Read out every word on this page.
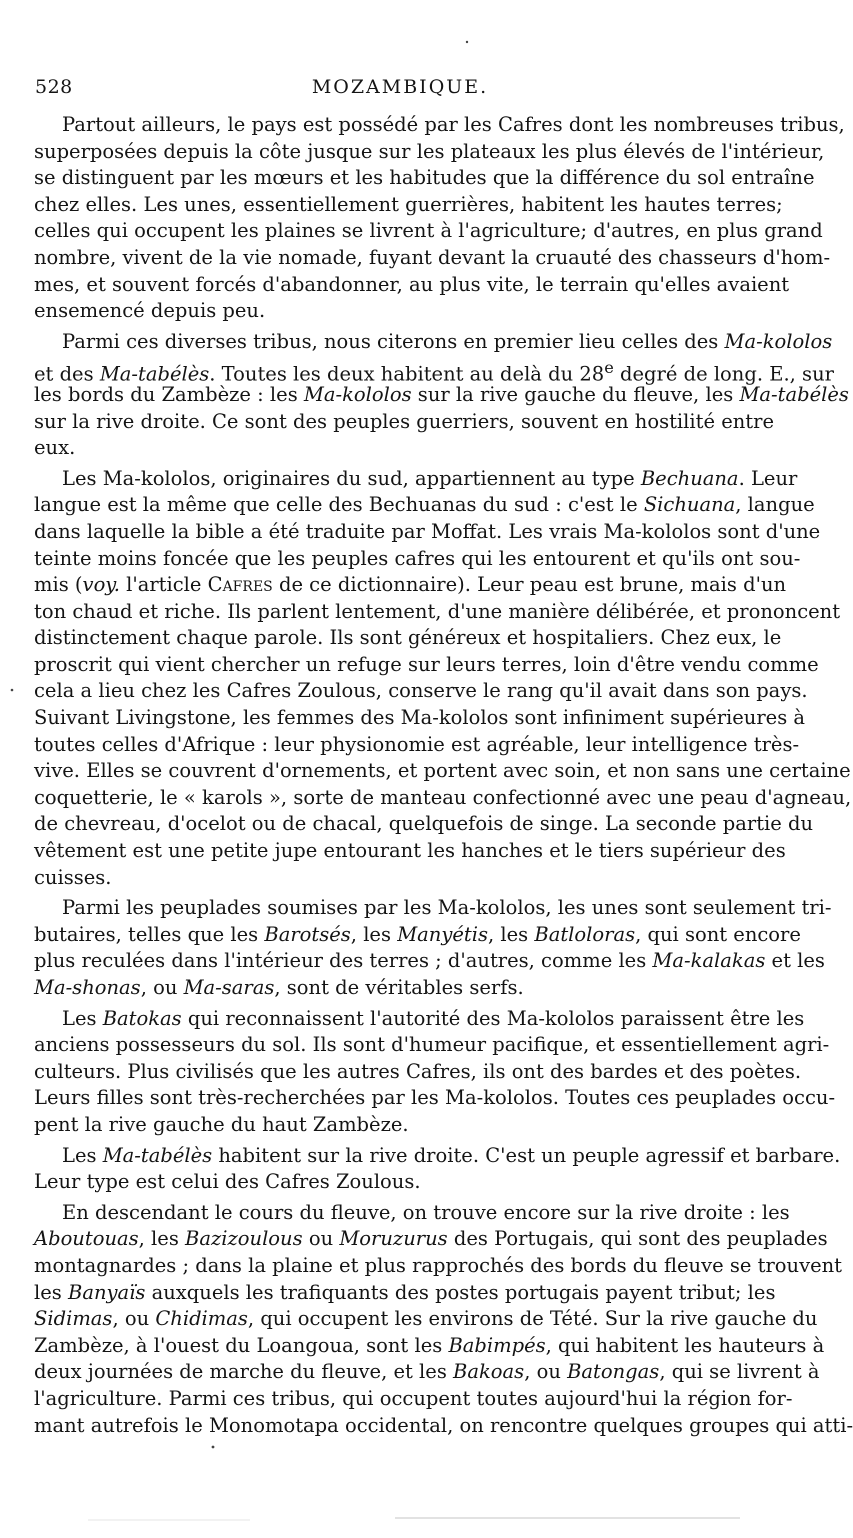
528	MOZAMBIQUE.
Partout ailleurs, le pays est possédé par les Cafres dont les nombreuses tribus,
superposées depuis la côte jusque sur les plateaux les plus élevés de l'intérieur,
se distinguent par les mœurs et les habitudes que la différence du sol entraîne
chez elles. Les unes, essentiellement guerrières, habitent les hautes terres;
celles qui occupent les plaines se livrent à l'agriculture; d'autres, en plus grand
nombre, vivent de la vie nomade, fuyant devant la cruauté des chasseurs d'hom-
mes, et souvent forcés d'abandonner, au plus vite, le terrain qu'elles avaient
ensemencé depuis peu.
Parmi ces diverses tribus, nous citerons en premier lieu celles des Ma-kololos
et des Ma-tabélès. Toutes les deux habitent au delà du 28e degré de long. E., sur
les bords du Zambèze : les Ma-kololos sur la rive gauche du fleuve, les Ma-tabélès
sur la rive droite. Ce sont des peuples guerriers, souvent en hostilité entre
eux.
Les Ma-kololos, originaires du sud, appartiennent au type Bechuana. Leur
langue est la même que celle des Bechuanas du sud : c'est le Sichuana, langue
dans laquelle la bible a été traduite par Moffat. Les vrais Ma-kololos sont d'une
teinte moins foncée que les peuples cafres qui les entourent et qu'ils ont sou-
mis (voy. l'article Cafres de ce dictionnaire). Leur peau est brune, mais d'un
ton chaud et riche. Ils parlent lentement, d'une manière délibérée, et prononcent
distinctement chaque parole. Ils sont généreux et hospitaliers. Chez eux, le
proscrit qui vient chercher un refuge sur leurs terres, loin d'être vendu comme
cela a lieu chez les Cafres Zoulous, conserve le rang qu'il avait dans son pays.
Suivant Livingstone, les femmes des Ma-kololos sont infiniment supérieures à
toutes celles d'Afrique : leur physionomie est agréable, leur intelligence très-
vive. Elles se couvrent d'ornements, et portent avec soin, et non sans une certaine
coquetterie, le « karols », sorte de manteau confectionné avec une peau d'agneau,
de chevreau, d'ocelot ou de chacal, quelquefois de singe. La seconde partie du
vêtement est une petite jupe entourant les hanches et le tiers supérieur des
cuisses.
Parmi les peuplades soumises par les Ma-kololos, les unes sont seulement tri-
butaires, telles que les Barotsés, les Manyétis, les Batloloras, qui sont encore
plus reculées dans l'intérieur des terres ; d'autres, comme les Ma-kalakas et les
Ma-shonas, ou Ma-saras, sont de véritables serfs.
Les Batokas qui reconnaissent l'autorité des Ma-kololos paraissent être les
anciens possesseurs du sol. Ils sont d'humeur pacifique, et essentiellement agri-
culteurs. Plus civilisés que les autres Cafres, ils ont des bardes et des poètes.
Leurs filles sont très-recherchées par les Ma-kololos. Toutes ces peuplades occu-
pent la rive gauche du haut Zambèze.
Les Ma-tabélès habitent sur la rive droite. C'est un peuple agressif et barbare.
Leur type est celui des Cafres Zoulous.
En descendant le cours du fleuve, on trouve encore sur la rive droite : les
Aboutouas, les Bazizoulous ou Moruzurus des Portugais, qui sont des peuplades
montagnardes ; dans la plaine et plus rapprochés des bords du fleuve se trouvent
les Banyaïs auxquels les trafiquants des postes portugais payent tribut; les
Sidimas, ou Chidimas, qui occupent les environs de Tété. Sur la rive gauche du
Zambèze, à l'ouest du Loangoua, sont les Babimpés, qui habitent les hauteurs à
deux journées de marche du fleuve, et les Bakoas, ou Batongas, qui se livrent à
l'agriculture. Parmi ces tribus, qui occupent toutes aujourd'hui la région for-
mant autrefois le Monomotapa occidental, on rencontre quelques groupes qui atti-
